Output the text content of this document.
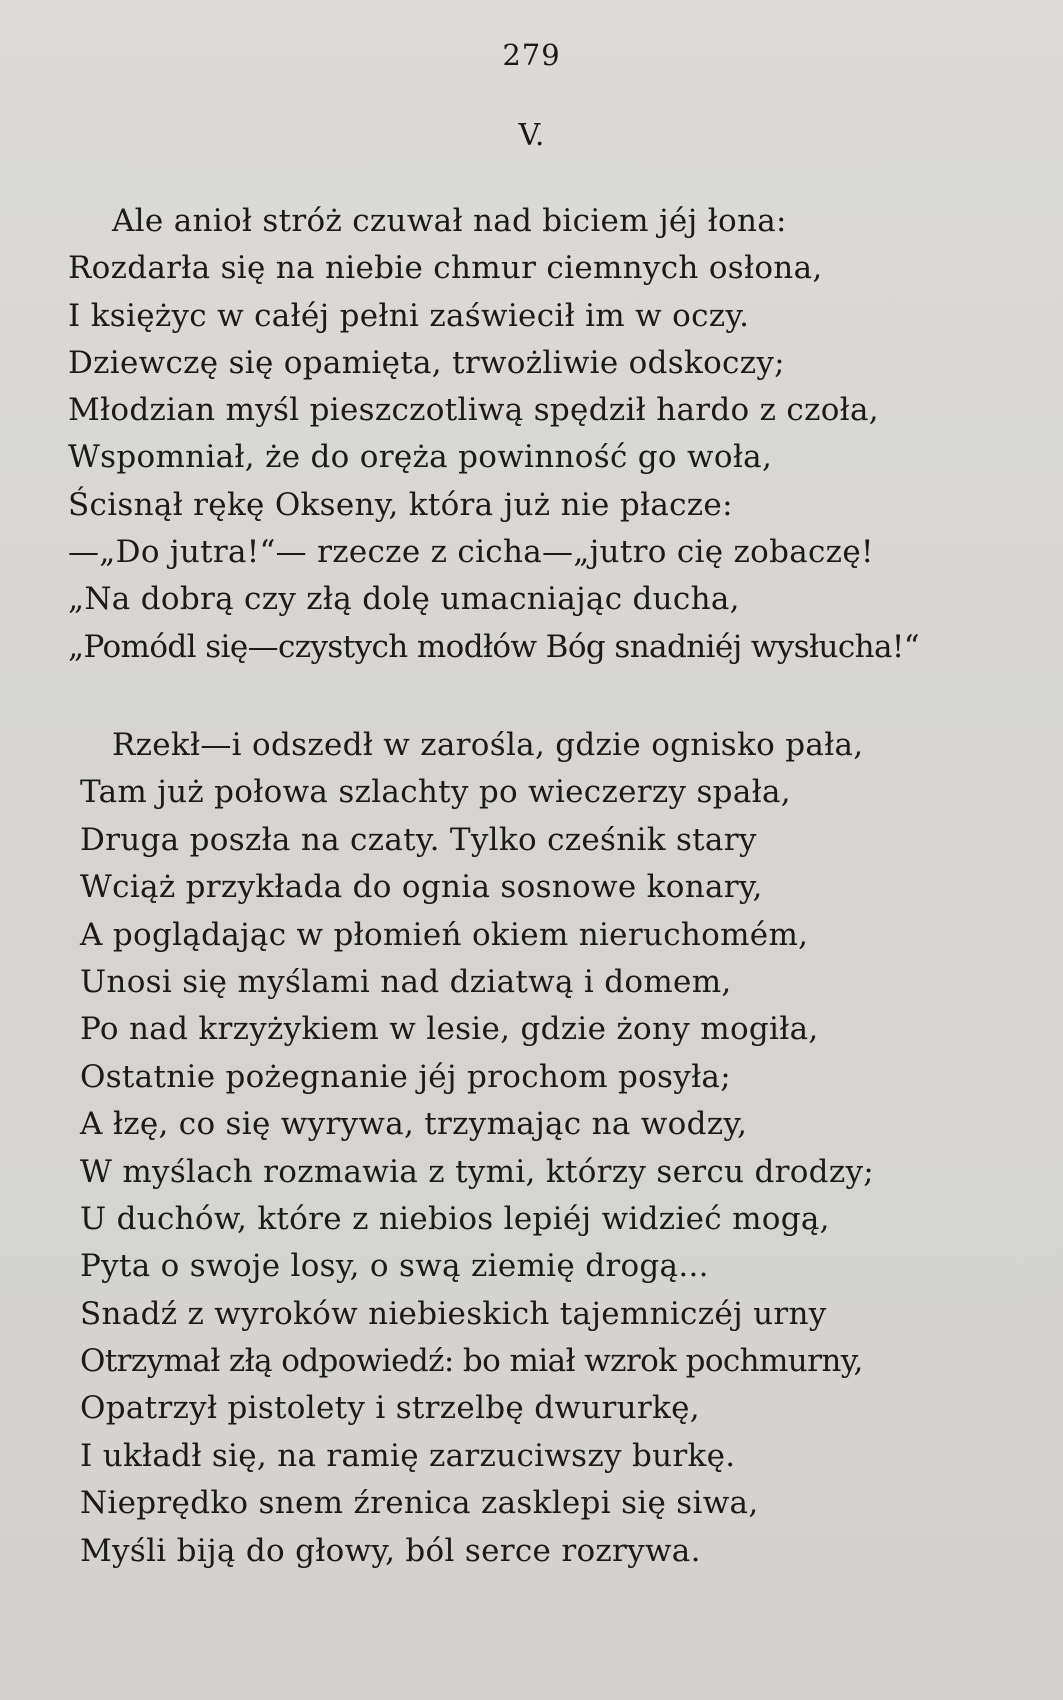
279
V.
Ale anioł stróż czuwał nad biciem jéj łona:
Rozdarła się na niebie chmur ciemnych osłona,
I księżyc w całéj pełni zaświecił im w oczy.
Dziewczę się opamięta, trwożliwie odskoczy;
Młodzian myśl pieszczotliwą spędził hardo z czoła,
Wspomniał, że do oręża powinność go woła,
Ścisnął rękę Okseny, która już nie płacze:
—„Do jutra!“— rzecze z cicha—„jutro cię zobaczę!
„Na dobrą czy złą dolę umacniając ducha,
„Pomódl się—czystych modłów Bóg snadniéj wysłucha!“
Rzekł—i odszedł w zarośla, gdzie ognisko pała,
Tam już połowa szlachty po wieczerzy spała,
Druga poszła na czaty. Tylko cześnik stary
Wciąż przykłada do ognia sosnowe konary,
A poglądając w płomień okiem nieruchomém,
Unosi się myślami nad dziatwą i domem,
Po nad krzyżykiem w lesie, gdzie żony mogiła,
Ostatnie pożegnanie jéj prochom posyła;
A łzę, co się wyrywa, trzymając na wodzy,
W myślach rozmawia z tymi, którzy sercu drodzy;
U duchów, które z niebios lepiéj widzieć mogą,
Pyta o swoje losy, o swą ziemię drogą...
Snadź z wyroków niebieskich tajemniczéj urny
Otrzymał złą odpowiedź: bo miał wzrok pochmurny,
Opatrzył pistolety i strzelbę dwururkę,
I układł się, na ramię zarzuciwszy burkę.
Nieprędko snem źrenica zasklepi się siwa,
Myśli biją do głowy, ból serce rozrywa.
